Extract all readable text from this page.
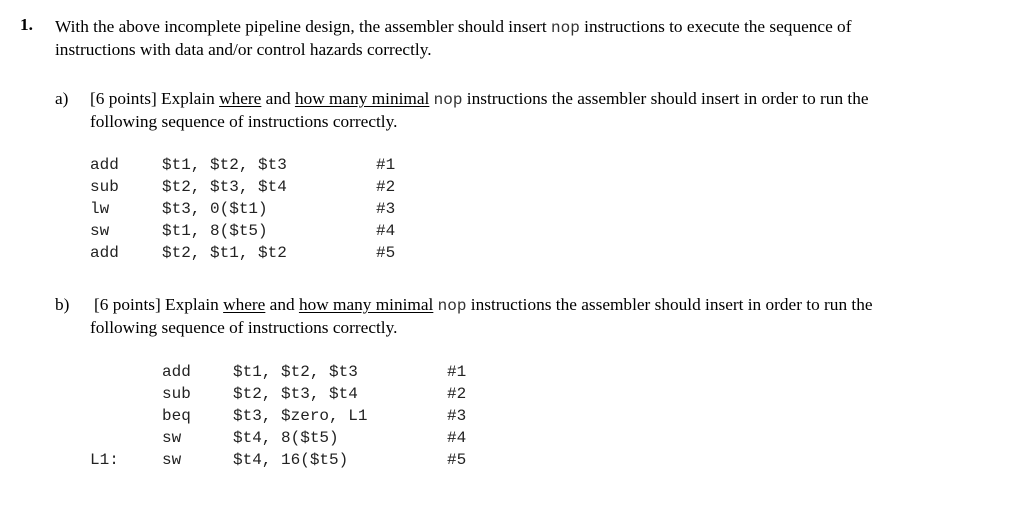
1. With the above incomplete pipeline design, the assembler should insert nop instructions to execute the sequence of
instructions with data and/or control hazards correctly.
a) [6 points] Explain where and how many minimal nop instructions the assembler should insert in order to run the
following sequence of instructions correctly.
add	$t1, $t2, $t3	#1
sub	$t2, $t3, $t4	#2
lw	$t3, 0($t1)	#3
sw	$t1, 8($t5)	#4
add	$t2, $t1, $t2	#5
b) [6 points] Explain where and how many minimal nop instructions the assembler should insert in order to run the
following sequence of instructions correctly.
add	$t1, $t2, $t3	#1
sub	$t2, $t3, $t4	#2
beq	$t3, $zero, L1	#3
sw	$t4, 8($t5)	#4
L1:	sw	$t4, 16($t5)	#5
